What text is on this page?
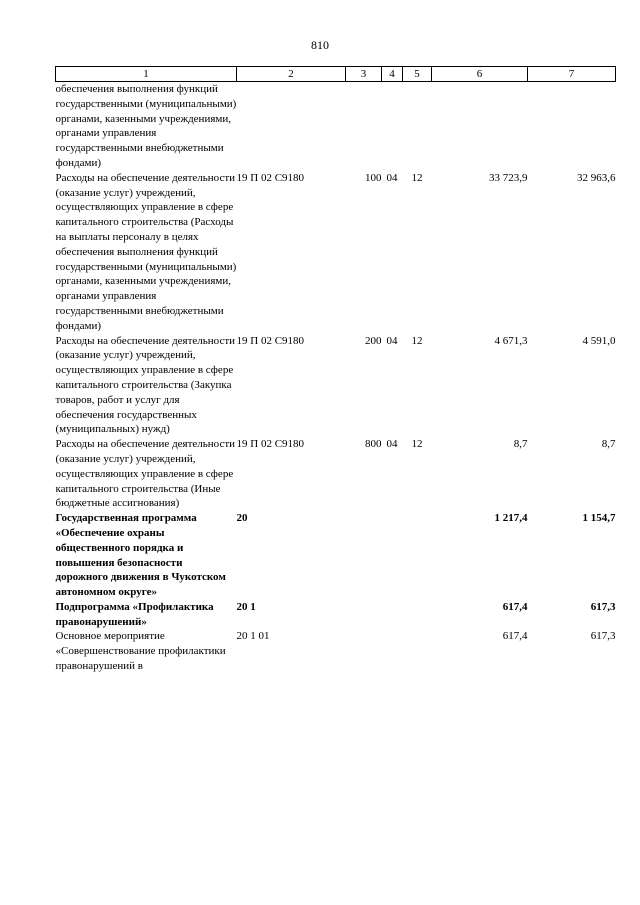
810
1	2	3	4	5	6	7
обеспечения выполнения функций государственными (муниципальными) органами, казенными учреждениями, органами управления государственными внебюджетными фондами)						
Расходы на обеспечение деятельности (оказание услуг) учреждений, осуществляющих управление в сфере капитального строительства (Расходы на выплаты персоналу в целях обеспечения выполнения функций государственными (муниципальными) органами, казенными учреждениями, органами управления государственными внебюджетными фондами)	19 П 02 С9180	100	04	12	33 723,9	32 963,6
Расходы на обеспечение деятельности (оказание услуг) учреждений, осуществляющих управление в сфере капитального строительства (Закупка товаров, работ и услуг для обеспечения государственных (муниципальных) нужд)	19 П 02 С9180	200	04	12	4 671,3	4 591,0
Расходы на обеспечение деятельности (оказание услуг) учреждений, осуществляющих управление в сфере капитального строительства (Иные бюджетные ассигнования)	19 П 02 С9180	800	04	12	8,7	8,7
Государственная программа «Обеспечение охраны общественного порядка и повышения безопасности дорожного движения в Чукотском автономном округе»	20				1 217,4	1 154,7
Подпрограмма «Профилактика правонарушений»	20 1				617,4	617,3
Основное мероприятие «Совершенствование профилактики правонарушений в	20 1 01				617,4	617,3
